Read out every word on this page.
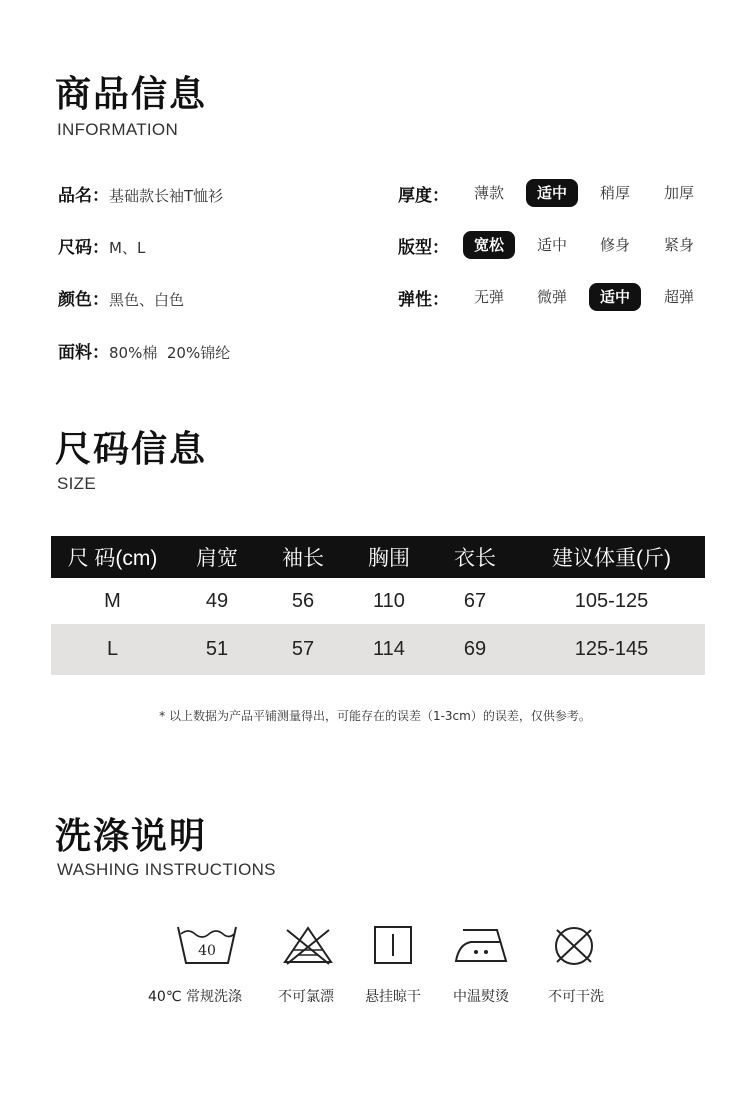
商品信息
INFORMATION
品名：基础款长袖T恤衫
尺码：M、L
颜色：黑色、白色
面料：80%棉  20%锦纶
厚度：	薄款	适中	稍厚	加厚
版型：	宽松	适中	修身	紧身
弹性：	无弹	微弹	适中	超弹
尺码信息
SIZE
尺 码(cm)	肩宽	袖长	胸围	衣长	建议体重(斤)
M	49	56	110	67	105-125
L	51	57	114	69	125-145
* 以上数据为产品平铺测量得出，可能存在的误差（1-3cm）的误差，仅供参考。
洗涤说明
WASHING INSTRUCTIONS
40
40℃ 常规洗涤	不可氯漂	悬挂晾干	中温熨烫	不可干洗
